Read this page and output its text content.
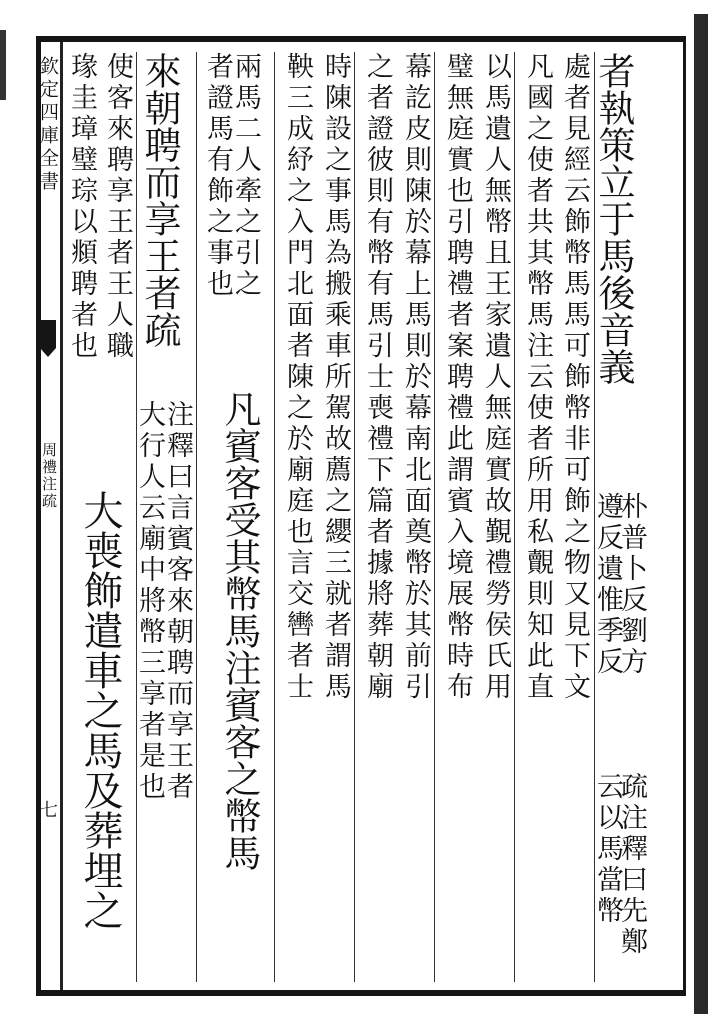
欽定四庫全書
周禮注疏
七
者執策立于馬後音義
朴普卜反劉方
遵反遺惟季反
疏注釋曰先鄭
云以馬當幣
處者見經云飾幣馬馬可飾幣非可飾之物又見下文
凡國之使者共其幣馬注云使者所用私覿則知此直
以馬遺人無幣且王家遺人無庭實故覲禮勞侯氏用
璧無庭實也引聘禮者案聘禮此謂賓入境展幣時布
幕訖皮則陳於幕上馬則於幕南北面奠幣於其前引
之者證彼則有幣有馬引士喪禮下篇者據將葬朝廟
時陳設之事馬為搬乘車所駕故薦之纓三就者謂馬
鞅三成紓之入門北面者陳之於廟庭也言交轡者士
兩馬二人牽之引之
凡賓客受其幣馬注賓客之幣馬
者證馬有飾之事也
來朝聘而享王者疏
注釋曰言賓客來朝聘而享王者
大行人云廟中將幣三享者是也
使客來聘享王者王人職
瑑圭璋璧琮以頫聘者也
大喪飾遣車之馬及葬埋之
